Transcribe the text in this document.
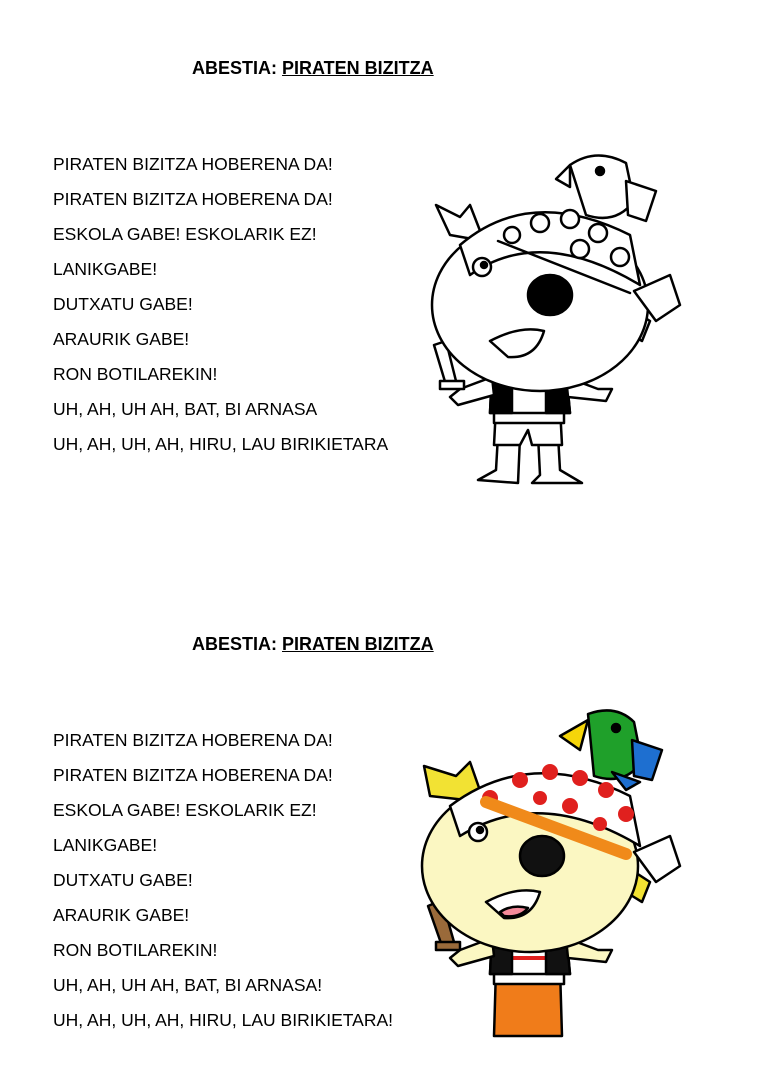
ABESTIA: PIRATEN BIZITZA
PIRATEN BIZITZA HOBERENA DA!
PIRATEN BIZITZA HOBERENA DA!
ESKOLA GABE! ESKOLARIK EZ!
LANIKGABE!
DUTXATU GABE!
ARAURIK GABE!
RON BOTILAREKIN!
UH, AH, UH AH, BAT, BI ARNASA
UH, AH, UH, AH, HIRU, LAU BIRIKIETARA
ABESTIA: PIRATEN BIZITZA
PIRATEN BIZITZA HOBERENA DA!
PIRATEN BIZITZA HOBERENA DA!
ESKOLA GABE! ESKOLARIK EZ!
LANIKGABE!
DUTXATU GABE!
ARAURIK GABE!
RON BOTILAREKIN!
UH, AH, UH AH, BAT, BI ARNASA!
UH, AH, UH, AH, HIRU, LAU BIRIKIETARA!
